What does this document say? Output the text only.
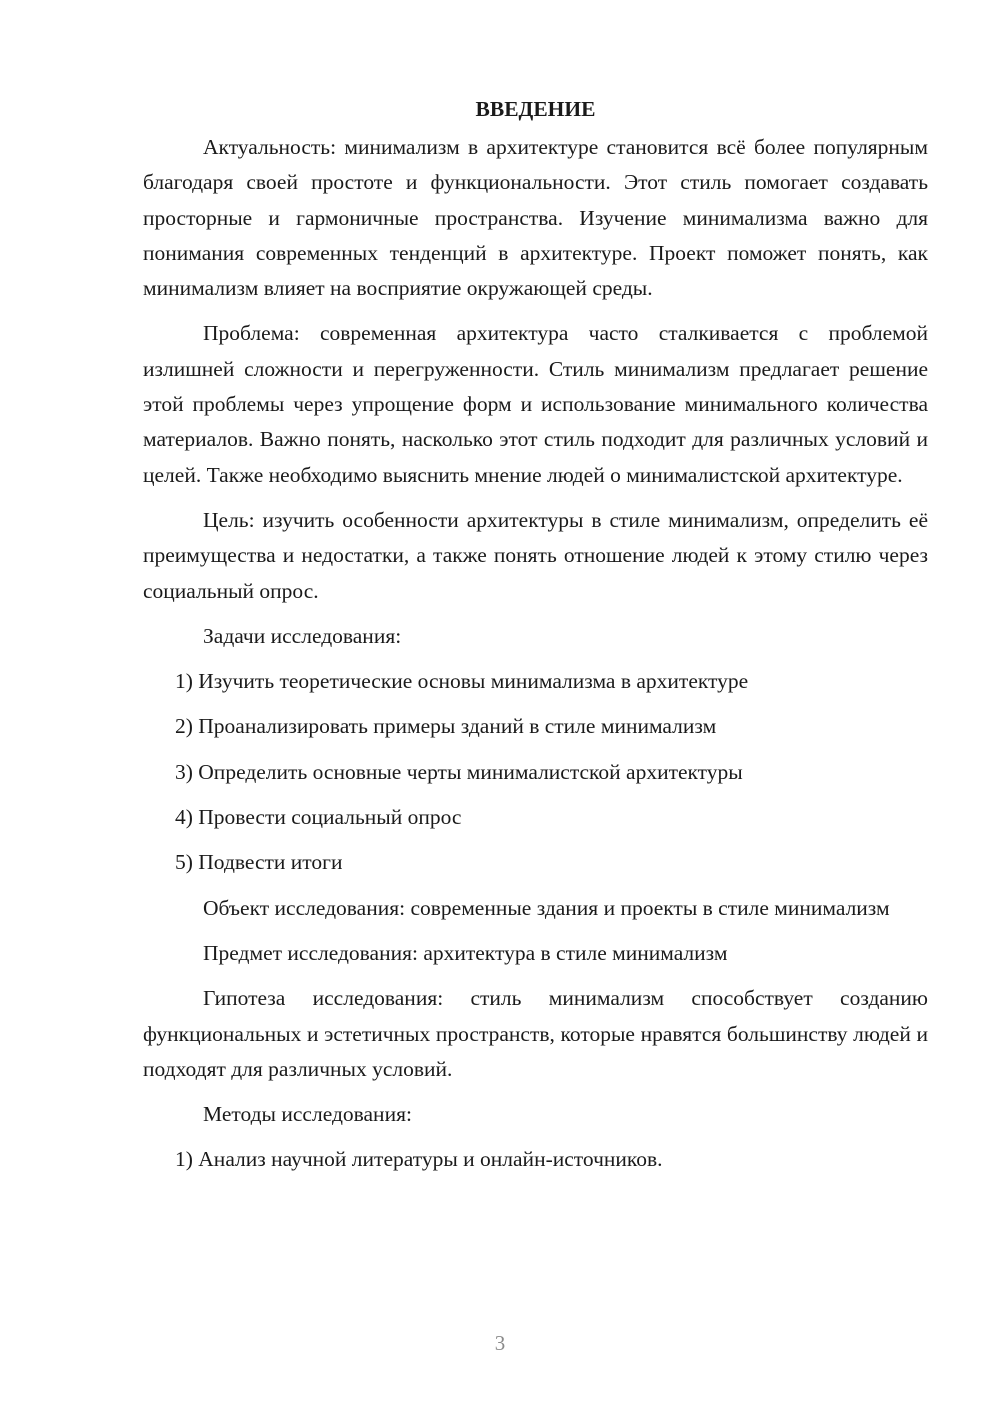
ВВЕДЕНИЕ
Актуальность: минимализм в архитектуре становится всё более популярным благодаря своей простоте и функциональности. Этот стиль помогает создавать просторные и гармоничные пространства. Изучение минимализма важно для понимания современных тенденций в архитектуре. Проект поможет понять, как минимализм влияет на восприятие окружающей среды.
Проблема: современная архитектура часто сталкивается с проблемой излишней сложности и перегруженности. Стиль минимализм предлагает решение этой проблемы через упрощение форм и использование минимального количества материалов. Важно понять, насколько этот стиль подходит для различных условий и целей. Также необходимо выяснить мнение людей о минималистской архитектуре.
Цель: изучить особенности архитектуры в стиле минимализм, определить её преимущества и недостатки, а также понять отношение людей к этому стилю через социальный опрос.
Задачи исследования:
1) Изучить теоретические основы минимализма в архитектуре
2) Проанализировать примеры зданий в стиле минимализм
3) Определить основные черты минималистской архитектуры
4) Провести социальный опрос
5) Подвести итоги
Объект исследования: современные здания и проекты в стиле минимализм
Предмет исследования: архитектура в стиле минимализм
Гипотеза исследования: стиль минимализм способствует созданию функциональных и эстетичных пространств, которые нравятся большинству людей и подходят для различных условий.
Методы исследования:
1) Анализ научной литературы и онлайн-источников.
3
